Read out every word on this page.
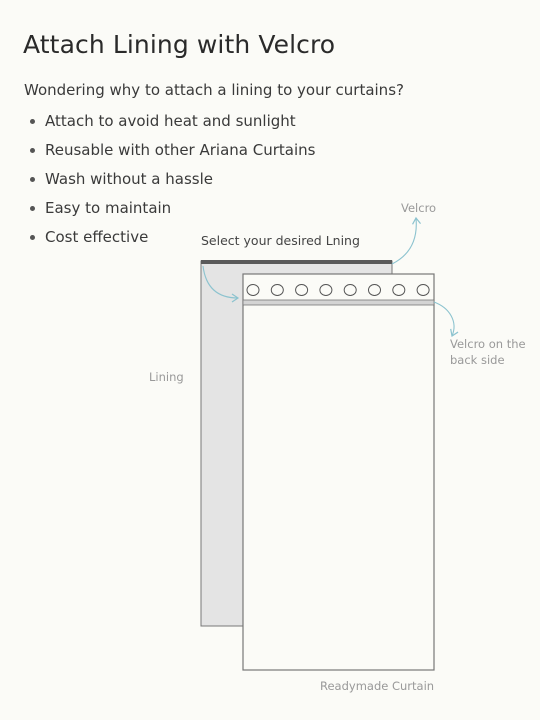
Attach Lining with Velcro

Wondering why to attach a lining to your curtains?

Attach to avoid heat and sunlight
Reusable with other Ariana Curtains
Wash without a hassle
Easy to maintain
Cost effective	Select your desired Lning
Velcro
Velcro on the
back side
Lining
Readymade Curtain
